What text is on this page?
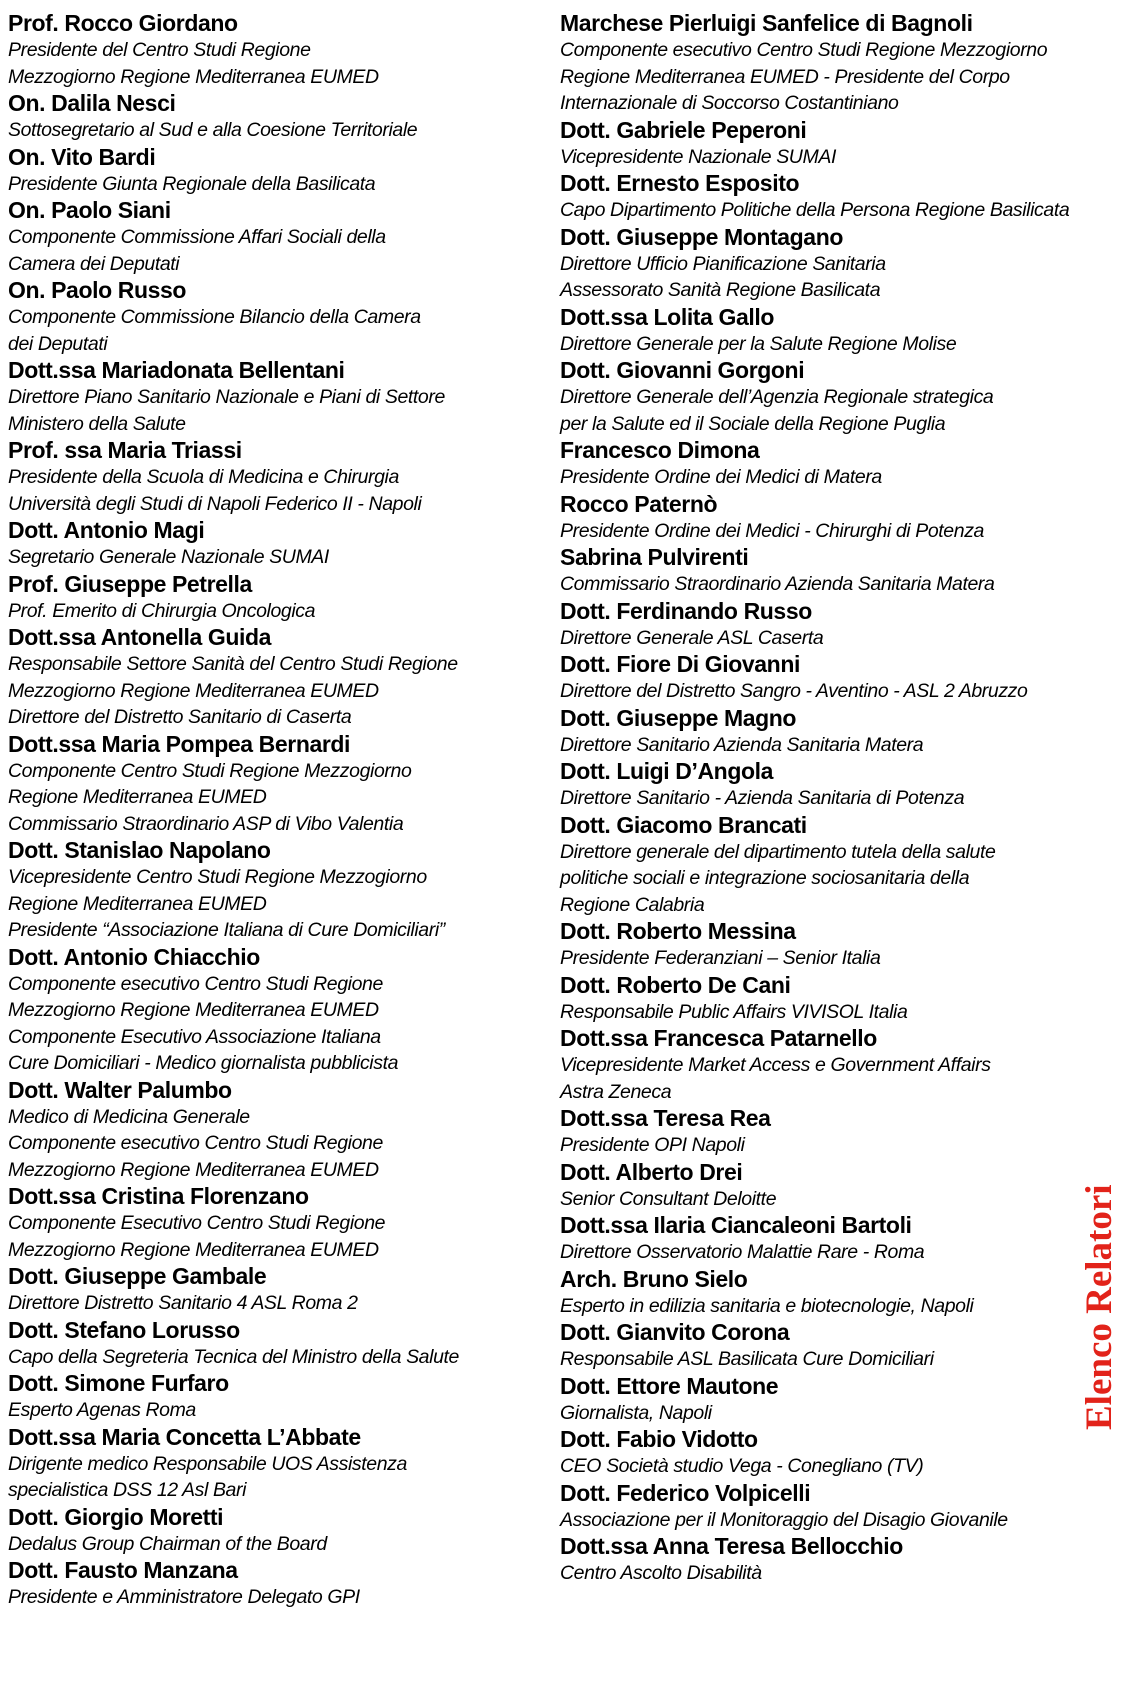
Prof. Rocco Giordano
Presidente del Centro Studi Regione
Mezzogiorno Regione Mediterranea EUMED
On. Dalila Nesci
Sottosegretario al Sud e alla Coesione Territoriale
On. Vito Bardi
Presidente Giunta Regionale della Basilicata
On. Paolo Siani
Componente Commissione Affari Sociali della
Camera dei Deputati
On. Paolo Russo
Componente Commissione Bilancio della Camera
dei Deputati
Dott.ssa Mariadonata Bellentani
Direttore Piano Sanitario Nazionale e Piani di Settore
Ministero della Salute
Prof. ssa Maria Triassi
Presidente della Scuola di Medicina e Chirurgia
Università degli Studi di Napoli Federico II - Napoli
Dott. Antonio Magi
Segretario Generale Nazionale SUMAI
Prof. Giuseppe Petrella
Prof. Emerito di Chirurgia Oncologica
Dott.ssa Antonella Guida
Responsabile Settore Sanità del Centro Studi Regione
Mezzogiorno Regione Mediterranea EUMED
Direttore del Distretto Sanitario di Caserta
Dott.ssa Maria Pompea Bernardi
Componente Centro Studi Regione Mezzogiorno
Regione Mediterranea EUMED
Commissario Straordinario ASP di Vibo Valentia
Dott. Stanislao Napolano
Vicepresidente Centro Studi Regione Mezzogiorno
Regione Mediterranea EUMED
Presidente “Associazione Italiana di Cure Domiciliari”
Dott. Antonio Chiacchio
Componente esecutivo Centro Studi Regione
Mezzogiorno Regione Mediterranea EUMED
Componente Esecutivo Associazione Italiana
Cure Domiciliari - Medico giornalista pubblicista
Dott. Walter Palumbo
Medico di Medicina Generale
Componente esecutivo Centro Studi Regione
Mezzogiorno Regione Mediterranea EUMED
Dott.ssa Cristina Florenzano
Componente Esecutivo Centro Studi Regione
Mezzogiorno Regione Mediterranea EUMED
Dott. Giuseppe Gambale
Direttore Distretto Sanitario 4 ASL Roma 2
Dott. Stefano Lorusso
Capo della Segreteria Tecnica del Ministro della Salute
Dott. Simone Furfaro
Esperto Agenas Roma
Dott.ssa Maria Concetta L’Abbate
Dirigente medico Responsabile UOS Assistenza
specialistica DSS 12 Asl Bari
Dott. Giorgio Moretti
Dedalus Group Chairman of the Board
Dott. Fausto Manzana
Presidente e Amministratore Delegato GPI
Marchese Pierluigi Sanfelice di Bagnoli
Componente esecutivo Centro Studi Regione Mezzogiorno
Regione Mediterranea EUMED - Presidente del Corpo
Internazionale di Soccorso Costantiniano
Dott. Gabriele Peperoni
Vicepresidente Nazionale SUMAI
Dott. Ernesto Esposito
Capo Dipartimento Politiche della Persona Regione Basilicata
Dott. Giuseppe Montagano
Direttore Ufficio Pianificazione Sanitaria
Assessorato Sanità Regione Basilicata
Dott.ssa Lolita Gallo
Direttore Generale per la Salute Regione Molise
Dott. Giovanni Gorgoni
Direttore Generale dell’Agenzia Regionale strategica
per la Salute ed il Sociale della Regione Puglia
Francesco Dimona
Presidente Ordine dei Medici di Matera
Rocco Paternò
Presidente Ordine dei Medici - Chirurghi di Potenza
Sabrina Pulvirenti
Commissario Straordinario Azienda Sanitaria Matera
Dott. Ferdinando Russo
Direttore Generale ASL Caserta
Dott. Fiore Di Giovanni
Direttore del Distretto Sangro - Aventino - ASL 2 Abruzzo
Dott. Giuseppe Magno
Direttore Sanitario Azienda Sanitaria Matera
Dott. Luigi D’Angola
Direttore Sanitario - Azienda Sanitaria di Potenza
Dott. Giacomo Brancati
Direttore generale del dipartimento tutela della salute
politiche sociali e integrazione sociosanitaria della
Regione Calabria
Dott. Roberto Messina
Presidente Federanziani – Senior Italia
Dott. Roberto De Cani
Responsabile Public Affairs VIVISOL Italia
Dott.ssa Francesca Patarnello
Vicepresidente Market Access e Government Affairs
Astra Zeneca
Dott.ssa Teresa Rea
Presidente OPI Napoli
Dott. Alberto Drei
Senior Consultant Deloitte
Dott.ssa Ilaria Ciancaleoni Bartoli
Direttore Osservatorio Malattie Rare - Roma
Arch. Bruno Sielo
Esperto in edilizia sanitaria e biotecnologie, Napoli
Dott. Gianvito Corona
Responsabile ASL Basilicata Cure Domiciliari
Dott. Ettore Mautone
Giornalista, Napoli
Dott. Fabio Vidotto
CEO Società studio Vega - Conegliano (TV)
Dott. Federico Volpicelli
Associazione per il Monitoraggio del Disagio Giovanile
Dott.ssa Anna Teresa Bellocchio
Centro Ascolto Disabilità
Elenco Relatori
